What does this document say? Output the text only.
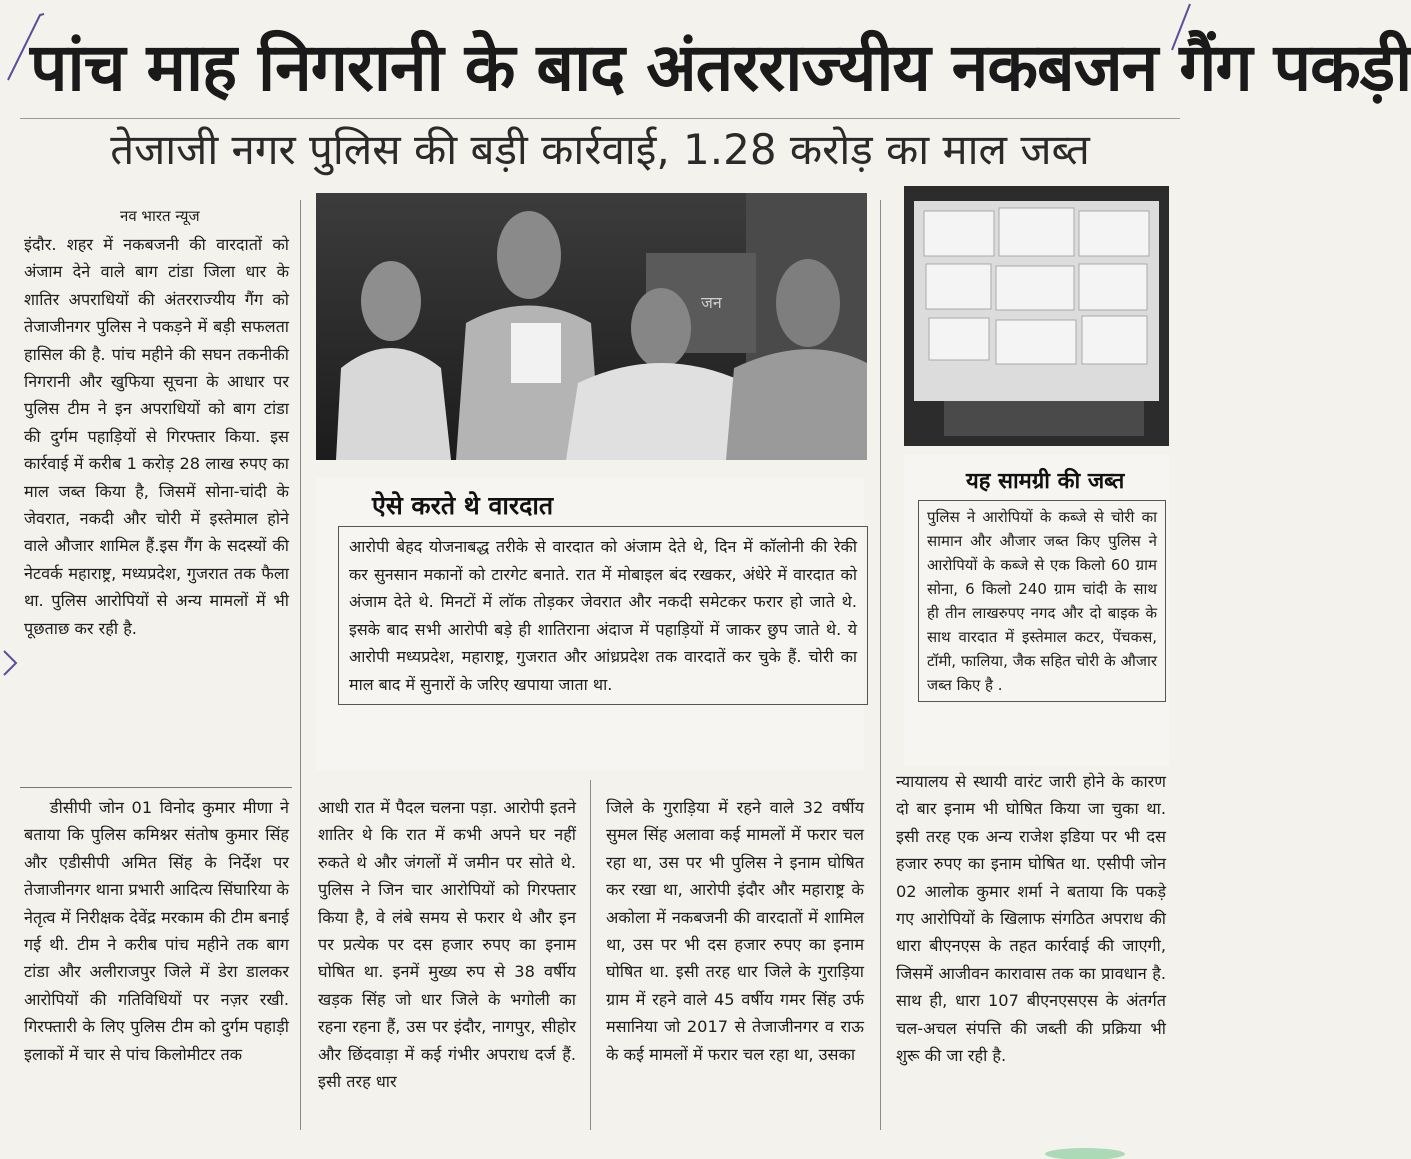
पांच माह निगरानी के बाद अंतरराज्यीय नकबजन गैंग पकड़ी
तेजाजी नगर पुलिस की बड़ी कार्रवाई, 1.28 करोड़ का माल जब्त
नव भारत न्यूज

इंदौर. शहर में नकबजनी की वारदातों को अंजाम देने वाले बाग टांडा जिला धार के शातिर अपराधियों की अंतरराज्यीय गैंग को तेजाजीनगर पुलिस ने पकड़ने में बड़ी सफलता हासिल की है. पांच महीने की सघन तकनीकी निगरानी और खुफिया सूचना के आधार पर पुलिस टीम ने इन अपराधियों को बाग टांडा की दुर्गम पहाड़ियों से गिरफ्तार किया. इस कार्रवाई में करीब 1 करोड़ 28 लाख रुपए का माल जब्त किया है, जिसमें सोना-चांदी के जेवरात, नकदी और चोरी में इस्तेमाल होने वाले औजार शामिल हैं.इस गैंग के सदस्यों की नेटवर्क महाराष्ट्र, मध्यप्रदेश, गुजरात तक फैला था. पुलिस आरोपियों से अन्य मामलों में भी पूछताछ कर रही है.

डीसीपी जोन 01 विनोद कुमार मीणा ने बताया कि पुलिस कमिश्नर संतोष कुमार सिंह और एडीसीपी अमित सिंह के निर्देश पर तेजाजीनगर थाना प्रभारी आदित्य सिंघारिया के नेतृत्व में निरीक्षक देवेंद्र मरकाम की टीम बनाई गई थी. टीम ने करीब पांच महीने तक बाग टांडा और अलीराजपुर जिले में डेरा डालकर आरोपियों की गतिविधियों पर नज़र रखी. गिरफ्तारी के लिए पुलिस टीम को दुर्गम पहाड़ी इलाकों में चार से पांच किलोमीटर तक

जन
ऐसे करते थे वारदात
आरोपी बेहद योजनाबद्ध तरीके से वारदात को अंजाम देते थे, दिन में कॉलोनी की रेकी कर सुनसान मकानों को टारगेट बनाते. रात में मोबाइल बंद रखकर, अंधेरे में वारदात को अंजाम देते थे. मिनटों में लॉक तोड़कर जेवरात और नकदी समेटकर फरार हो जाते थे. इसके बाद सभी आरोपी बड़े ही शातिराना अंदाज में पहाड़ियों में जाकर छुप जाते थे. ये आरोपी मध्यप्रदेश, महाराष्ट्र, गुजरात और आंध्रप्रदेश तक वारदातें कर चुके हैं. चोरी का माल बाद में सुनारों के जरिए खपाया जाता था.
यह सामग्री की जब्त
पुलिस ने आरोपियों के कब्जे से चोरी का सामान और औजार जब्त किए पुलिस ने आरोपियों के कब्जे से एक किलो 60 ग्राम सोना, 6 किलो 240 ग्राम चांदी के साथ ही तीन लाखरुपए नगद और दो बाइक के साथ वारदात में इस्तेमाल कटर, पेंचकस, टॉमी, फालिया, जैक सहित चोरी के औजार जब्त किए है .

आधी रात में पैदल चलना पड़ा. आरोपी इतने शातिर थे कि रात में कभी अपने घर नहीं रुकते थे और जंगलों में जमीन पर सोते थे. पुलिस ने जिन चार आरोपियों को गिरफ्तार किया है, वे लंबे समय से फरार थे और इन पर प्रत्येक पर दस हजार रुपए का इनाम घोषित था. इनमें मुख्य रुप से 38 वर्षीय खड़क सिंह जो धार जिले के भगोली का रहना रहना हैं, उस पर इंदौर, नागपुर, सीहोर और छिंदवाड़ा में कई गंभीर अपराध दर्ज हैं. इसी तरह धार

जिले के गुराड़िया में रहने वाले 32 वर्षीय सुमल सिंह अलावा कई मामलों में फरार चल रहा था, उस पर भी पुलिस ने इनाम घोषित कर रखा था, आरोपी इंदौर और महाराष्ट्र के अकोला में नकबजनी की वारदातों में शामिल था, उस पर भी दस हजार रुपए का इनाम घोषित था. इसी तरह धार जिले के गुराड़िया ग्राम में रहने वाले 45 वर्षीय गमर सिंह उर्फ मसानिया जो 2017 से तेजाजीनगर व राऊ के कई मामलों में फरार चल रहा था, उसका

न्यायालय से स्थायी वारंट जारी होने के कारण दो बार इनाम भी घोषित किया जा चुका था. इसी तरह एक अन्य राजेश इडिया पर भी दस हजार रुपए का इनाम घोषित था. एसीपी जोन 02 आलोक कुमार शर्मा ने बताया कि पकड़े गए आरोपियों के खिलाफ संगठित अपराध की धारा बीएनएस के तहत कार्रवाई की जाएगी, जिसमें आजीवन कारावास तक का प्रावधान है. साथ ही, धारा 107 बीएनएसएस के अंतर्गत चल-अचल संपत्ति की जब्ती की प्रक्रिया भी शुरू की जा रही है.
